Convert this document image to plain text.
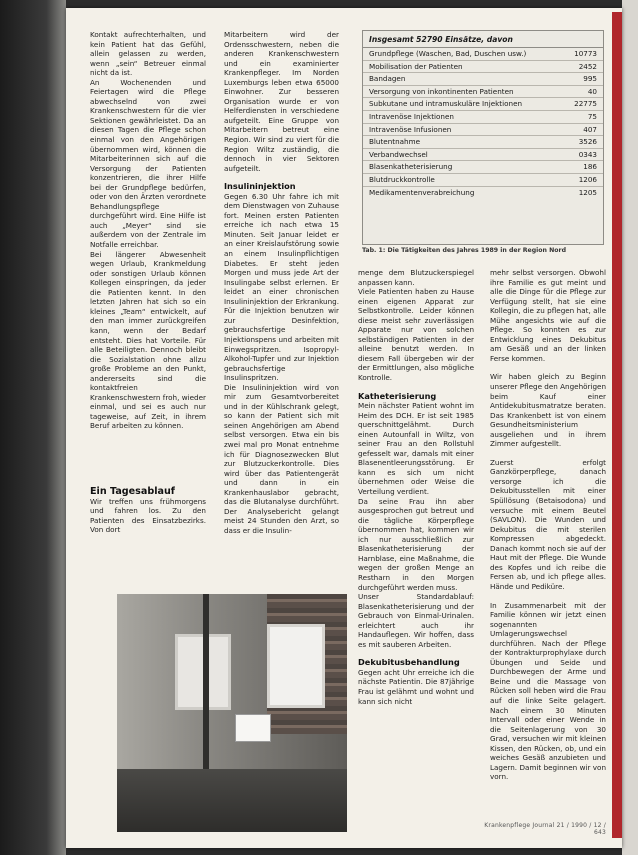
Kontakt aufrechterhalten, und kein Patient hat das Gefühl, allein gelassen zu werden, wenn „sein“ Betreuer einmal nicht da ist.

An Wochenenden und Feiertagen wird die Pflege abwechselnd von zwei Krankenschwestern für die vier Sektionen gewährleistet. Da an diesen Tagen die Pflege schon einmal von den Angehörigen übernommen wird, können die Mitarbeiterinnen sich auf die Versorgung der Patienten konzentrieren, die ihrer Hilfe bei der Grundpflege bedürfen, oder von den Ärzten verordnete Behandlungspflege durchgeführt wird. Eine Hilfe ist auch „Meyer“ sind sie außerdem von der Zentrale im Notfalle erreichbar.

Bei längerer Abwesenheit wegen Urlaub, Krankmeldung oder sonstigen Urlaub können Kollegen einspringen, da jeder die Patienten kennt. In den letzten Jahren hat sich so ein kleines „Team“ entwickelt, auf den man immer zurückgreifen kann, wenn der Bedarf entsteht. Dies hat Vorteile. Für alle Beteiligten. Dennoch bleibt die Sozialstation ohne allzu große Probleme an den Punkt, andererseits sind die kontaktfreien Krankenschwestern froh, wieder einmal, und sei es auch nur tageweise, auf Zeit, in ihrem Beruf arbeiten zu können.

Ein Tagesablauf

Wir treffen uns frühmorgens und fahren los. Zu den Patienten des Einsatzbezirks. Von dort

Mitarbeitern wird der Ordensschwestern, neben die anderen Krankenschwestern und ein examinierter Krankenpfleger. Im Norden Luxemburgs leben etwa 65000 Einwohner. Zur besseren Organisation wurde er von Helferdiensten in verschiedene aufgeteilt. Eine Gruppe von Mitarbeitern betreut eine Region. Wir sind zu viert für die Region Wiltz zuständig, die dennoch in vier Sektoren aufgeteilt.

Insulininjektion

Gegen 6.30 Uhr fahre ich mit dem Dienstwagen von Zuhause fort. Meinen ersten Patienten erreiche ich nach etwa 15 Minuten. Seit Januar leidet er an einer Kreislaufstörung sowie an einem Insulinpflichtigen Diabetes. Er steht jeden Morgen und muss jede Art der Insulingabe selbst erlernen. Er leidet an einer chronischen Insulininjektion der Erkrankung. Für die Injektion benutzen wir zur Desinfektion, gebrauchsfertige Injektionspens und arbeiten mit Einwegspritzen. Isopropyl-Alkohol-Tupfer und zur Injektion gebrauchsfertige Insulinspritzen.

Die Insulininjektion wird von mir zum Gesamtvorbereitet und in der Kühlschrank gelegt, so kann der Patient sich mit seinen Angehörigen am Abend selbst versorgen. Etwa ein bis zwei mal pro Monat entnehme ich für Diagnosezwecken Blut zur Blutzuckerkontrolle. Dies wird über das Patientengerät und dann in ein Krankenhauslabor gebracht, das die Blutanalyse durchführt. Der Analysebericht gelangt meist 24 Stunden den Arzt, so dass er die Insulin-

Insgesamt 52790 Einsätze, davon
Grundpflege (Waschen, Bad, Duschen usw.)	10773
Mobilisation der Patienten	2452
Bandagen	995
Versorgung von inkontinenten Patienten	40
Subkutane und intramuskuläre Injektionen	22775
Intravenöse Injektionen	75
Intravenöse Infusionen	407
Blutentnahme	3526
Verbandwechsel	0343
Blasenkatheterisierung	186
Blutdruckkontrolle	1206
Medikamentenverabreichung	1205
Tab. 1: Die Tätigkeiten des Jahres 1989 in der Region Nord

menge dem Blutzuckerspiegel anpassen kann.

Viele Patienten haben zu Hause einen eigenen Apparat zur Selbstkontrolle. Leider können diese meist sehr zuverlässigen Apparate nur von solchen selbständigen Patienten in der alleine benutzt werden. In diesem Fall übergeben wir der der Ermittlungen, also mögliche Kontrolle.

Katheterisierung

Mein nächster Patient wohnt im Heim des DCH. Er ist seit 1985 querschnittgelähmt. Durch einen Autounfall in Wiltz, von seiner Frau an den Rollstuhl gefesselt war, damals mit einer Blasenentleerungsstörung. Er kann es sich um nicht übernehmen oder Weise die Verteilung verdient.

Da seine Frau ihn aber ausgesprochen gut betreut und die tägliche Körperpflege übernommen hat, kommen wir ich nur ausschließlich zur Blasenkatheterisierung der Harnblase, eine Maßnahme, die wegen der großen Menge an Restharn in den Morgen durchgeführt werden muss.

Unser Standardablauf: Blasenkatheterisierung und der Gebrauch von Einmal-Urinalen. erleichtert auch ihr Handauflegen. Wir hoffen, dass es mit sauberen Arbeiten.

Dekubitusbehandlung

Gegen acht Uhr erreiche ich die nächste Patientin. Die 87jährige Frau ist gelähmt und wohnt und kann sich nicht

mehr selbst versorgen. Obwohl ihre Familie es gut meint und alle die Dinge für die Pflege zur Verfügung stellt, hat sie eine Kollegin, die zu pflegen hat, alle Mühe angesichts wie auf die Pflege. So konnten es zur Entwicklung eines Dekubitus am Gesäß und an der linken Ferse kommen.

Wir haben gleich zu Beginn unserer Pflege den Angehörigen beim Kauf einer Antidekubitusmatratze beraten. Das Krankenbett ist von einem Gesundheitsministerium ausgeliehen und in ihrem Zimmer aufgestellt.

Zuerst erfolgt Ganzkörperpflege, danach versorge ich die Dekubitusstellen mit einer Spüllösung (Betaisodona) und versuche mit einem Beutel (SAVLON). Die Wunden und Dekubitus die mit sterilen Kompressen abgedeckt. Danach kommt noch sie auf der Haut mit der Pflege. Die Wunde des Kopfes und ich reibe die Fersen ab, und ich pflege alles. Hände und Pediküre.

In Zusammenarbeit mit der Familie können wir jetzt einen sogenannten Umlagerungswechsel durchführen. Nach der Pflege der Kontrakturprophylaxe durch Übungen und Seide und Durchbewegen der Arme und Beine und die Massage von Rücken soll heben wird die Frau auf die linke Seite gelagert. Nach einem 30 Minuten Intervall oder einer Wende in die Seitenlagerung von 30 Grad, versuchen wir mit kleinen Kissen, den Rücken, ob, und ein weiches Gesäß anzubieten und Lagern. Damit beginnen wir von vorn.

Krankenpflege Journal 21 / 1990 / 12 / 643
